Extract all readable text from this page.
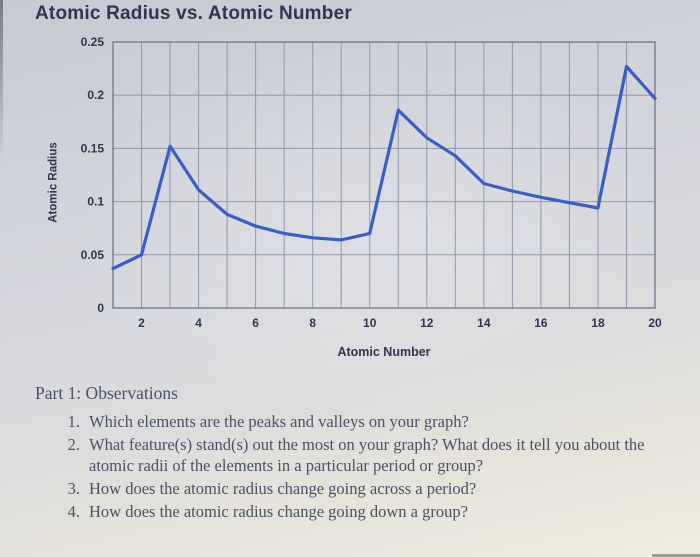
Atomic Radius vs. Atomic Number
Atomic Radius
2	4	6	8	10	12	14	16	18	20
0
0.05
0.1
0.15
0.2
0.25
Atomic Number
Part 1: Observations
1. Which elements are the peaks and valleys on your graph?
2. What feature(s) stand(s) out the most on your graph? What does it tell you about the atomic radii of the elements in a particular period or group?
3. How does the atomic radius change going across a period?
4. How does the atomic radius change going down a group?
